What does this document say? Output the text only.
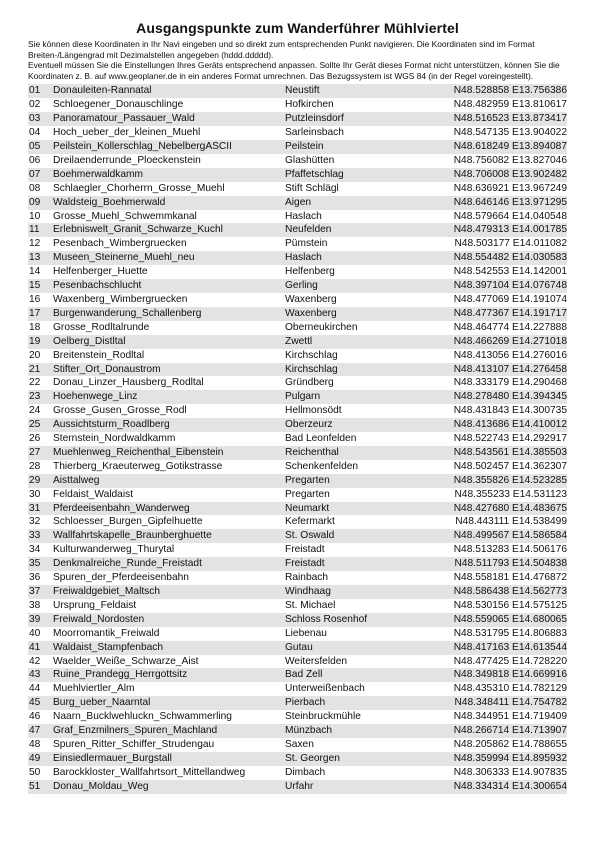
Ausgangspunkte zum Wanderführer Mühlviertel

Sie können diese Koordinaten in Ihr Navi eingeben und so direkt zum entsprechenden Punkt navigieren. Die Koordinaten sind im Format Breiten-/Längengrad mit Dezimalstellen angegeben (hddd.ddddd).

Eventuell müssen Sie die Einstellungen Ihres Geräts entsprechend anpassen. Sollte Ihr Gerät dieses Format nicht unterstützen, können Sie die Koordinaten z. B. auf www.geoplaner.de in ein anderes Format umrechnen. Das Bezugssystem ist WGS 84 (in der Regel voreingestellt).

01	Donauleiten-Rannatal	Neustift	N48.528858 E13.756386
02	Schloegener_Donauschlinge	Hofkirchen	N48.482959 E13.810617
03	Panoramatour_Passauer_Wald	Putzleinsdorf	N48.516523 E13.873417
04	Hoch_ueber_der_kleinen_Muehl	Sarleinsbach	N48.547135 E13.904022
05	Peilstein_Kollerschlag_NebelbergASCII	Peilstein	N48.618249 E13.894087
06	Dreilaenderrunde_Ploeckenstein	Glashütten	N48.756082 E13.827046
07	Boehmerwaldkamm	Pfaffetschlag	N48.706008 E13.902482
08	Schlaegler_Chorherrn_Grosse_Muehl	Stift Schlägl	N48.636921 E13.967249
09	Waldsteig_Boehmerwald	Aigen	N48.646146 E13.971295
10	Grosse_Muehl_Schwemmkanal	Haslach	N48.579664 E14.040548
11	Erlebniswelt_Granit_Schwarze_Kuchl	Neufelden	N48.479313 E14.001785
12	Pesenbach_Wimbergruecken	Pümstein	N48.503177 E14.011082
13	Museen_Steinerne_Muehl_neu	Haslach	N48.554482 E14.030583
14	Helfenberger_Huette	Helfenberg	N48.542553 E14.142001
15	Pesenbachschlucht	Gerling	N48.397104 E14.076748
16	Waxenberg_Wimbergruecken	Waxenberg	N48.477069 E14.191074
17	Burgenwanderung_Schallenberg	Waxenberg	N48.477367 E14.191717
18	Grosse_Rodltalrunde	Oberneukirchen	N48.464774 E14.227888
19	Oelberg_Distltal	Zwettl	N48.466269 E14.271018
20	Breitenstein_Rodltal	Kirchschlag	N48.413056 E14.276016
21	Stifter_Ort_Donaustrom	Kirchschlag	N48.413107 E14.276458
22	Donau_Linzer_Hausberg_Rodltal	Gründberg	N48.333179 E14.290468
23	Hoehenwege_Linz	Pulgarn	N48.278480 E14.394345
24	Grosse_Gusen_Grosse_Rodl	Hellmonsödt	N48.431843 E14.300735
25	Aussichtsturm_Roadlberg	Oberzeurz	N48.413686 E14.410012
26	Sternstein_Nordwaldkamm	Bad Leonfelden	N48.522743 E14.292917
27	Muehlenweg_Reichenthal_Eibenstein	Reichenthal	N48.543561 E14.385503
28	Thierberg_Kraeuterweg_Gotikstrasse	Schenkenfelden	N48.502457 E14.362307
29	Aisttalweg	Pregarten	N48.355826 E14.523285
30	Feldaist_Waldaist	Pregarten	N48.355233 E14.531123
31	Pferdeeisenbahn_Wanderweg	Neumarkt	N48.427680 E14.483675
32	Schloesser_Burgen_Gipfelhuette	Kefermarkt	N48.443111 E14.538499
33	Wallfahrtskapelle_Braunberghuette	St. Oswald	N48.499567 E14.586584
34	Kulturwanderweg_Thurytal	Freistadt	N48.513283 E14.506176
35	Denkmalreiche_Runde_Freistadt	Freistadt	N48.511793 E14.504838
36	Spuren_der_Pferdeeisenbahn	Rainbach	N48.558181 E14.476872
37	Freiwaldgebiet_Maltsch	Windhaag	N48.586438 E14.562773
38	Ursprung_Feldaist	St. Michael	N48.530156 E14.575125
39	Freiwald_Nordosten	Schloss Rosenhof	N48.559065 E14.680065
40	Moorromantik_Freiwald	Liebenau	N48.531795 E14.806883
41	Waldaist_Stampfenbach	Gutau	N48.417163 E14.613544
42	Waelder_Weiße_Schwarze_Aist	Weitersfelden	N48.477425 E14.728220
43	Ruine_Prandegg_Herrgottsitz	Bad Zell	N48.349818 E14.669916
44	Muehlviertler_Alm	Unterweißenbach	N48.435310 E14.782129
45	Burg_ueber_Naarntal	Pierbach	N48.348411 E14.754782
46	Naarn_Bucklwehluckn_Schwammerling	Steinbruckmühle	N48.344951 E14.719409
47	Graf_Enzmilners_Spuren_Machland	Münzbach	N48.266714 E14.713907
48	Spuren_Ritter_Schiffer_Strudengau	Saxen	N48.205862 E14.788655
49	Einsiedlermauer_Burgstall	St. Georgen	N48.359994 E14.895932
50	Barockkloster_Wallfahrtsort_Mittellandweg	Dimbach	N48.306333 E14.907835
51	Donau_Moldau_Weg	Urfahr	N48.334314 E14.300654
